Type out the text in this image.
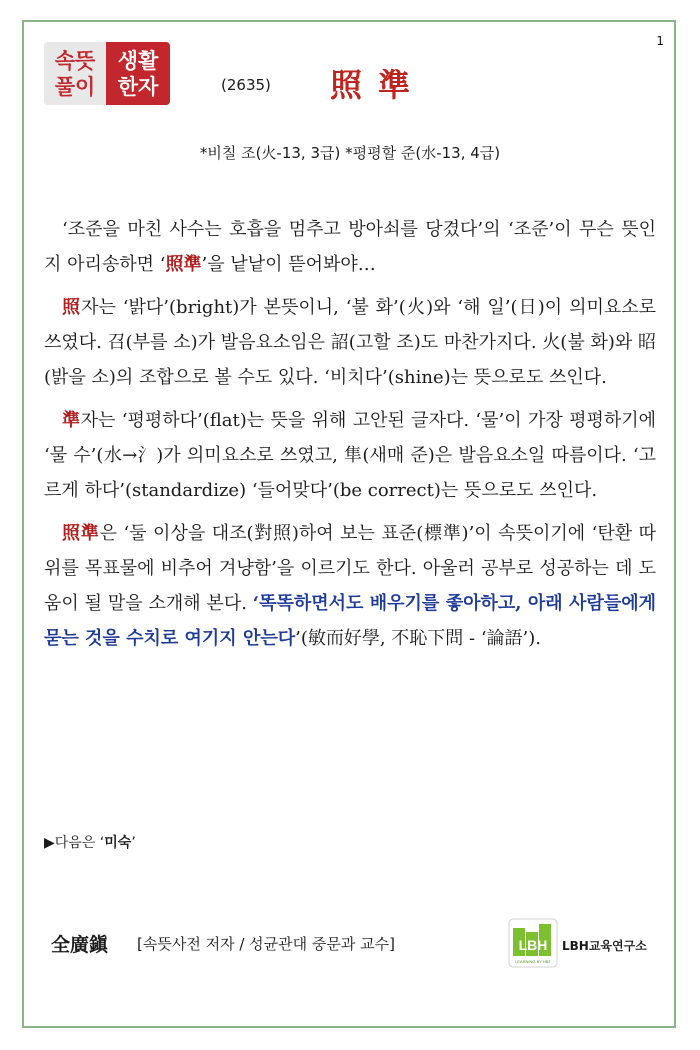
1
속뜻
풀이
생활
한자	(2635) 照準
*비칠 조(火-13, 3급) *평평할 준(水-13, 4급)

‘조준을 마친 사수는 호흡을 멈추고 방아쇠를 당겼다’의 ‘조준’이 무슨 뜻인지 아리송하면 ‘照準’을 낱낱이 뜯어봐야…

照자는 ‘밝다’(bright)가 본뜻이니, ‘불 화’(火)와 ‘해 일’(日)이 의미요소로 쓰였다. 召(부를 소)가 발음요소임은 詔(고할 조)도 마찬가지다. 火(불 화)와 昭(밝을 소)의 조합으로 볼 수도 있다. ‘비치다’(shine)는 뜻으로도 쓰인다.

準자는 ‘평평하다’(flat)는 뜻을 위해 고안된 글자다. ‘물’이 가장 평평하기에 ‘물 수’(水→氵)가 의미요소로 쓰였고, 隼(새매 준)은 발음요소일 따름이다. ‘고르게 하다’(standardize) ‘들어맞다’(be correct)는 뜻으로도 쓰인다.

照準은 ‘둘 이상을 대조(對照)하여 보는 표준(標準)’이 속뜻이기에 ‘탄환 따위를 목표물에 비추어 겨냥함’을 이르기도 한다. 아울러 공부로 성공하는 데 도움이 될 말을 소개해 본다. ‘똑똑하면서도 배우기를 좋아하고, 아래 사람들에게 묻는 것을 수치로 여기지 안는다’(敏而好學, 不恥下問 - ‘論語’).

▶다음은 ‘미숙’
全廣鎭 [속뜻사전 저자 / 성균관대 중문과 교수]	LBH
LEARNING BY HBT
LBH교육연구소
